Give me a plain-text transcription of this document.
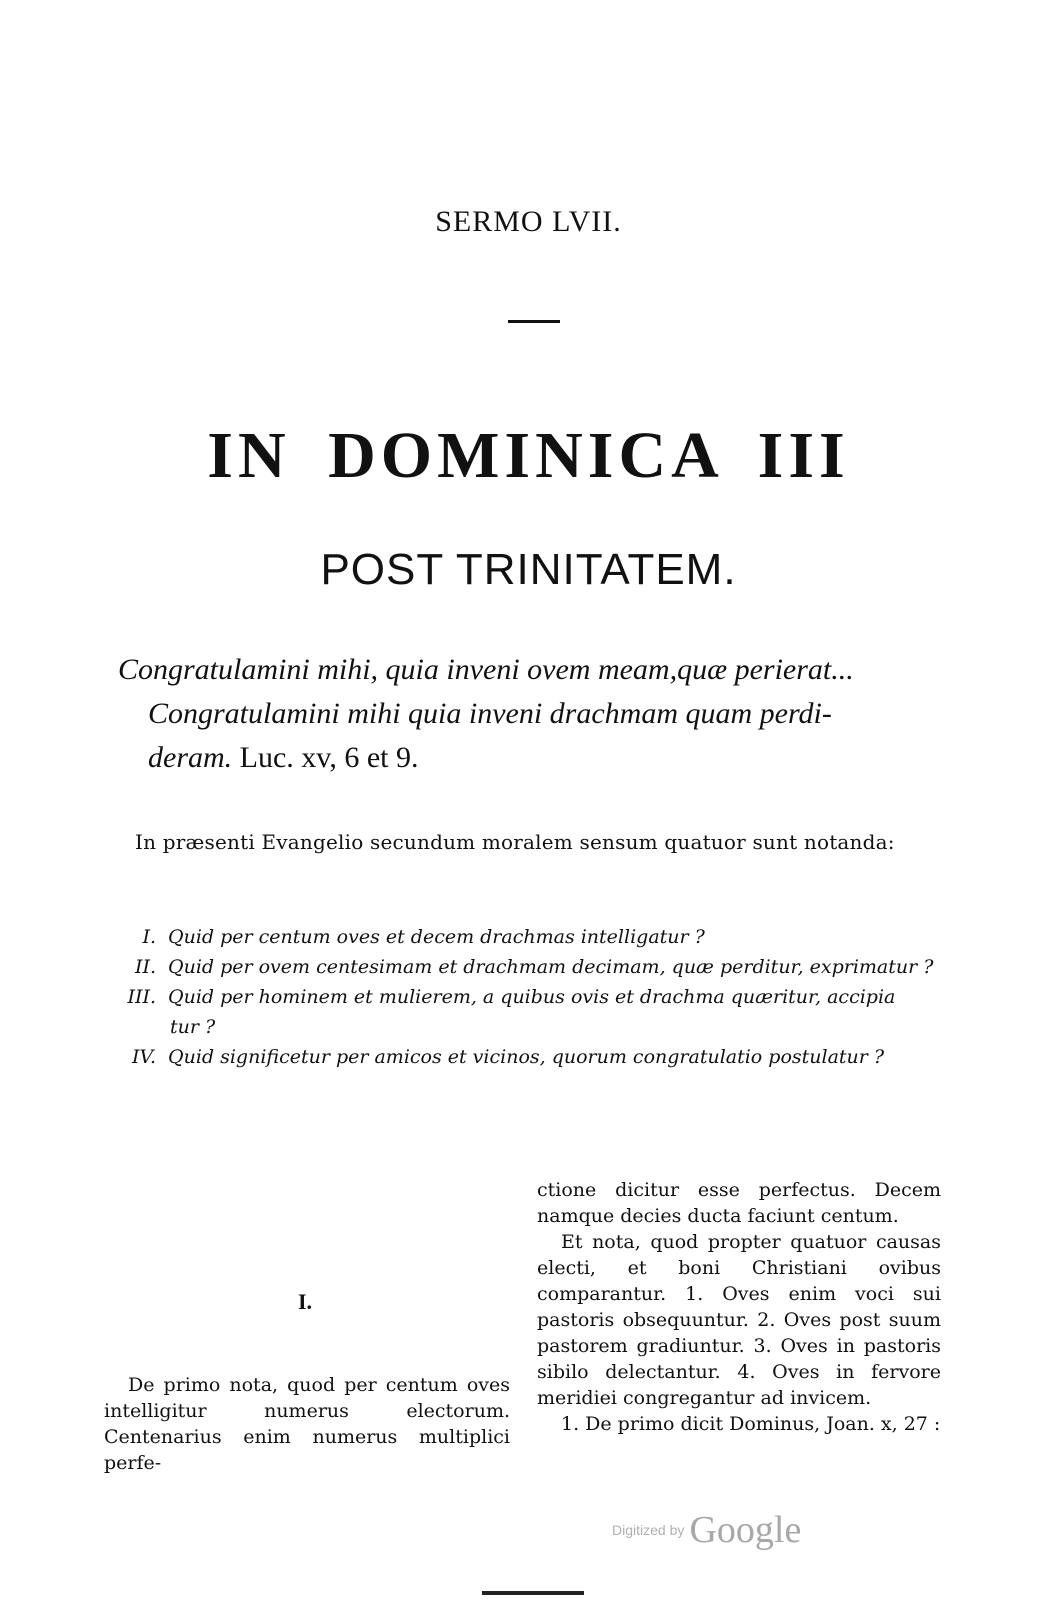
SERMO LVII.
IN DOMINICA III
POST TRINITATEM.
Congratulamini mihi, quia inveni ovem meam,quæ perierat...
Congratulamini mihi quia inveni drachmam quam perdi-
deram. Luc. xv, 6 et 9.
In præsenti Evangelio secundum moralem sensum quatuor sunt notanda:
I. Quid per centum oves et decem drachmas intelligatur ?
II. Quid per ovem centesimam et drachmam decimam, quæ perditur, exprimatur ?
III. Quid per hominem et mulierem, a quibus ovis et drachma quæritur, accipia
tur ?
IV. Quid significetur per amicos et vicinos, quorum congratulatio postulatur ?
I.

De primo nota, quod per centum oves intelligitur numerus electorum. Centenarius enim numerus multiplici perfe-

ctione dicitur esse perfectus. Decem namque decies ducta faciunt centum.

Et nota, quod propter quatuor causas electi, et boni Christiani ovibus comparantur. 1. Oves enim voci sui pastoris obsequuntur. 2. Oves post suum pastorem gradiuntur. 3. Oves in pastoris sibilo delectantur. 4. Oves in fervore meridiei congregantur ad invicem.

1. De primo dicit Dominus, Joan. x, 27 :

Digitized by Google
